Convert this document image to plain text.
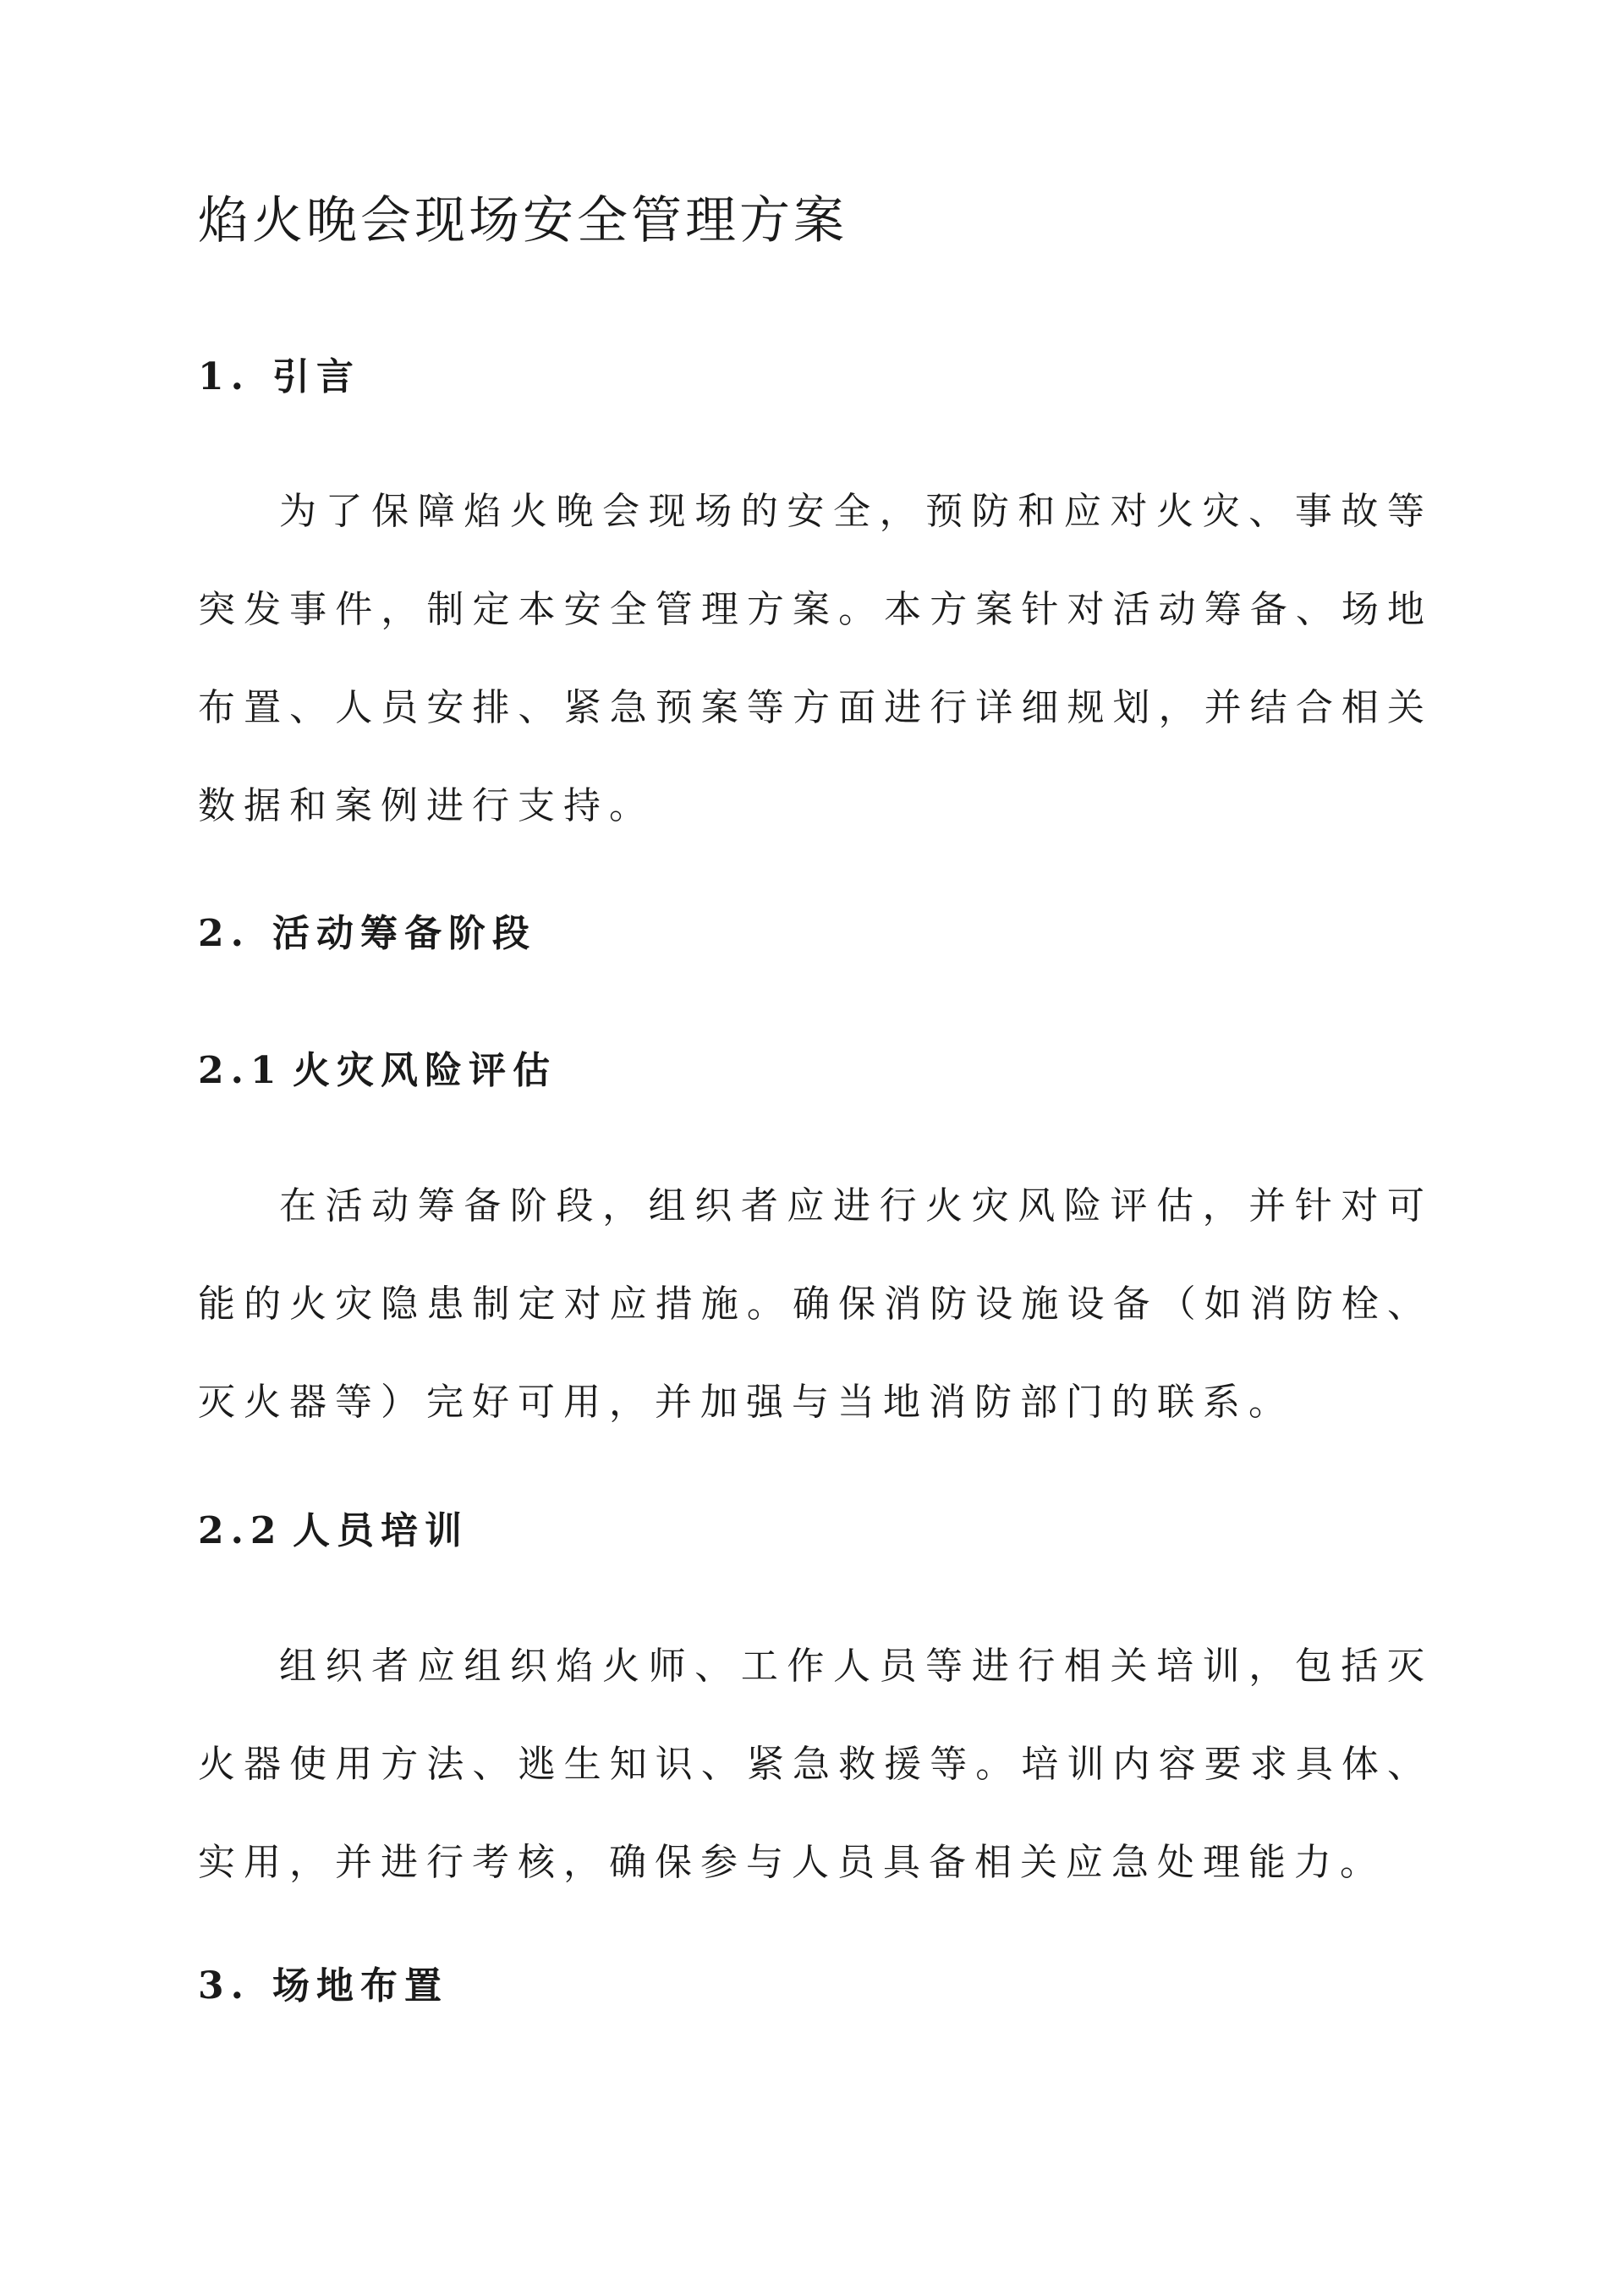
焰火晚会现场安全管理方案
1. 引言

为了保障焰火晚会现场的安全，预防和应对火灾、事故等突发事件，制定本安全管理方案。本方案针对活动筹备、场地布置、人员安排、紧急预案等方面进行详细规划，并结合相关数据和案例进行支持。

2. 活动筹备阶段
2.1 火灾风险评估

在活动筹备阶段，组织者应进行火灾风险评估，并针对可能的火灾隐患制定对应措施。确保消防设施设备（如消防栓、灭火器等）完好可用，并加强与当地消防部门的联系。

2.2 人员培训

组织者应组织焰火师、工作人员等进行相关培训，包括灭火器使用方法、逃生知识、紧急救援等。培训内容要求具体、实用，并进行考核，确保参与人员具备相关应急处理能力。

3. 场地布置
